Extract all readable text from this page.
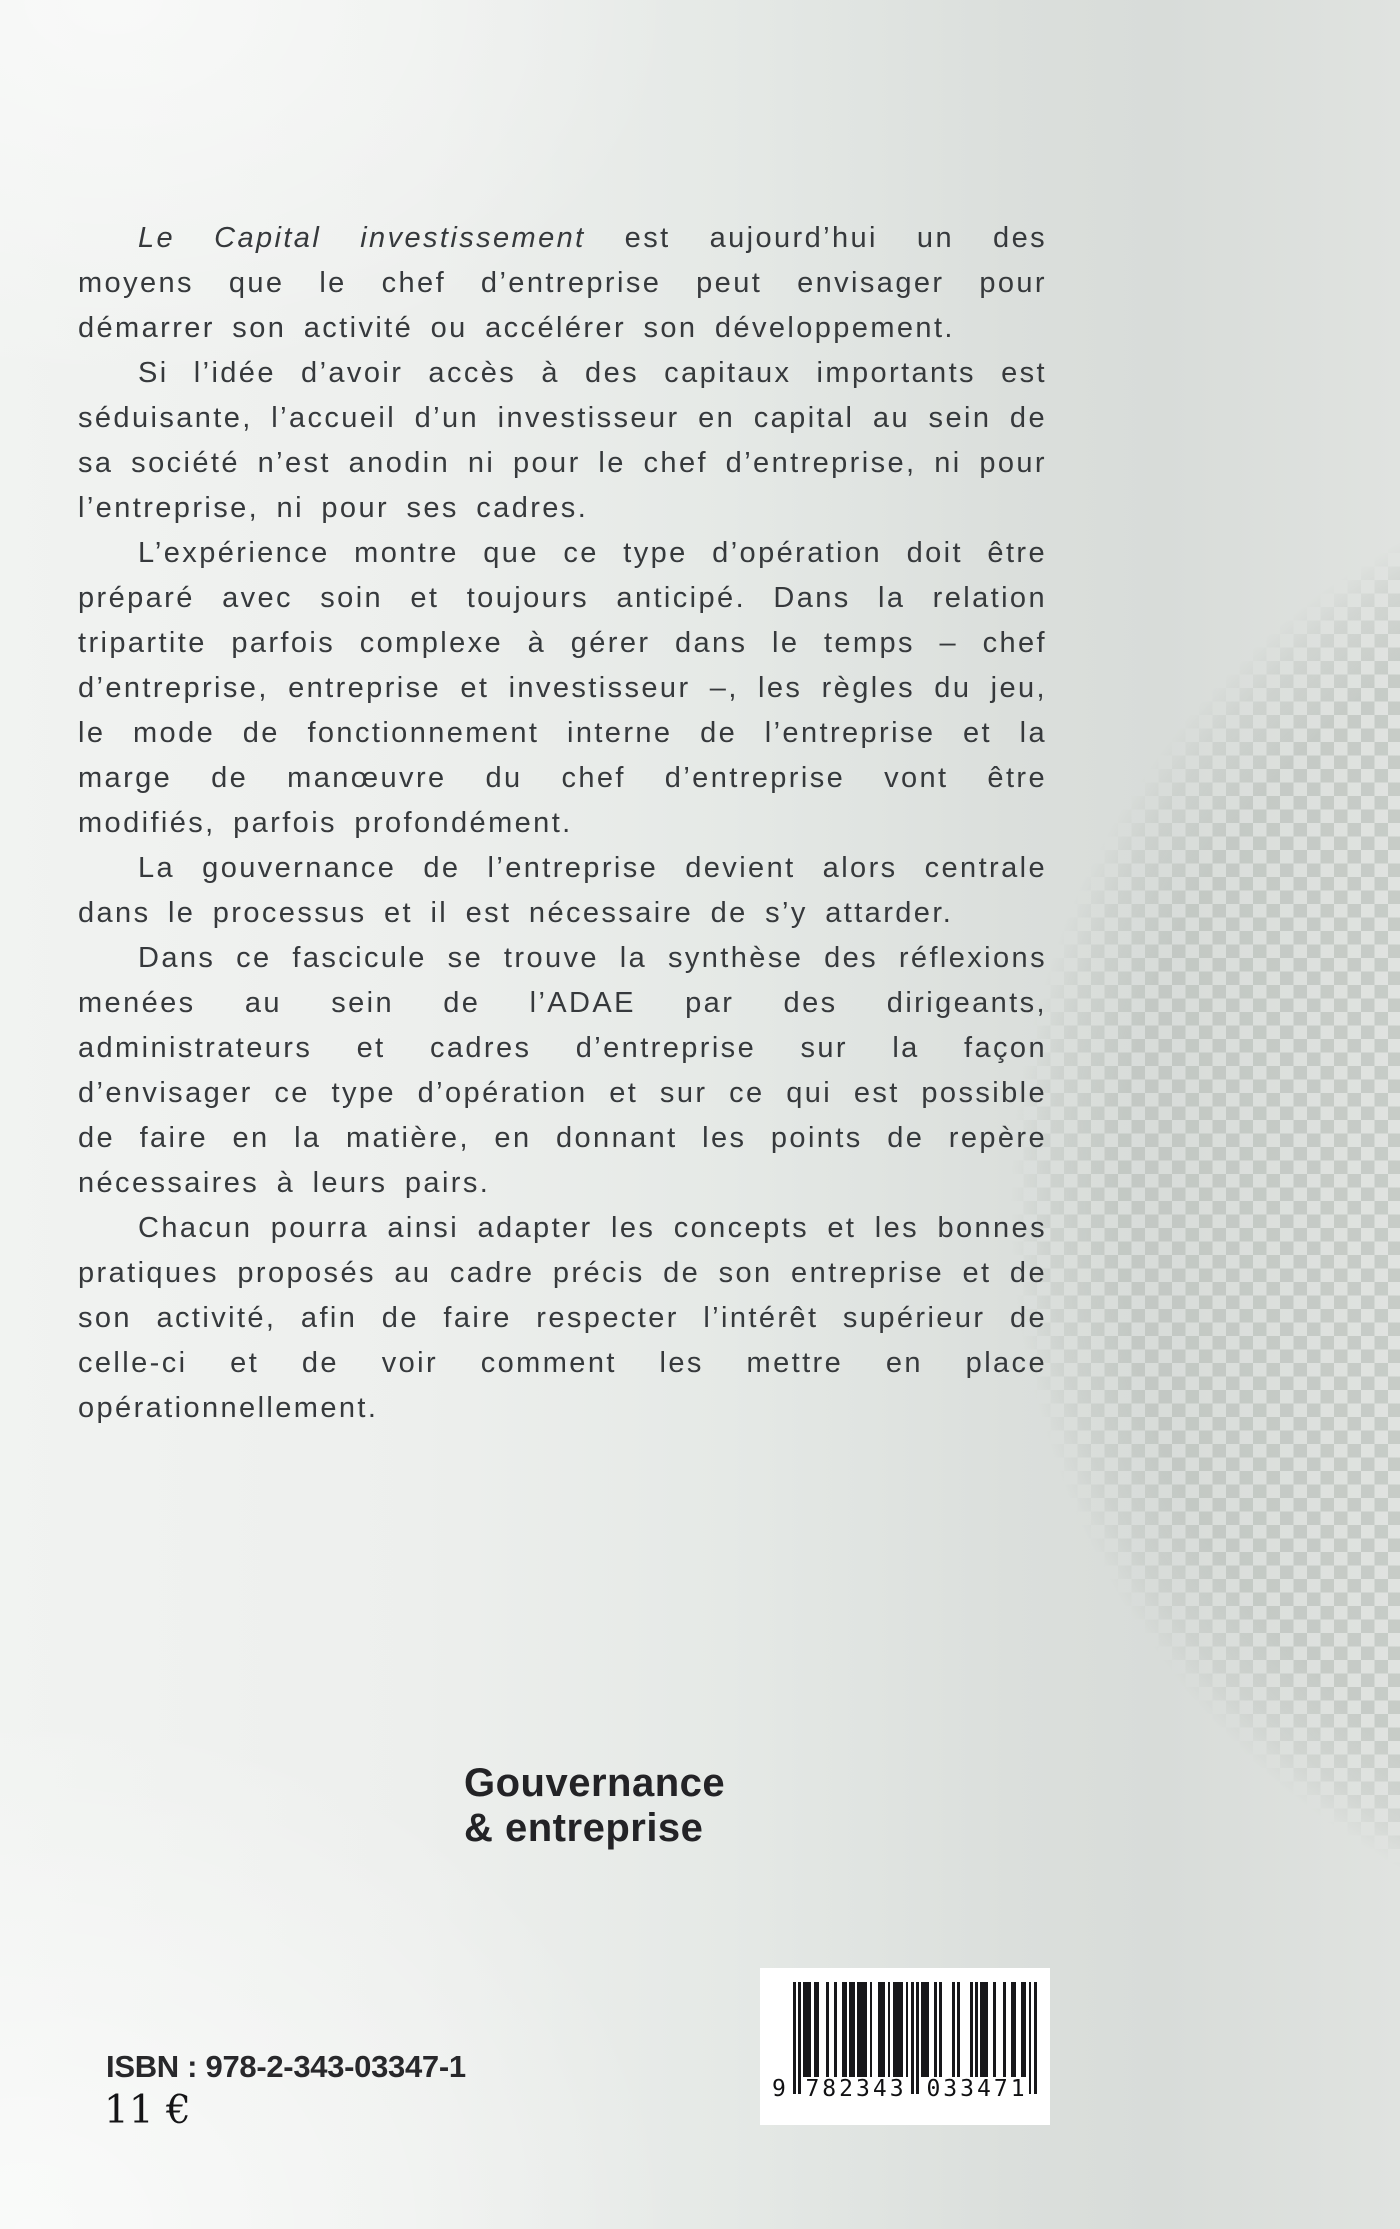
Le Capital investissement est aujourd’hui un des moyens que le chef d’entreprise peut envisager pour démarrer son activité ou accélérer son développement.

Si l’idée d’avoir accès à des capitaux importants est séduisante, l’accueil d’un investisseur en capital au sein de sa société n’est anodin ni pour le chef d’entreprise, ni pour l’entreprise, ni pour ses cadres.

L’expérience montre que ce type d’opération doit être préparé avec soin et toujours anticipé. Dans la relation tripartite parfois complexe à gérer dans le temps – chef d’entreprise, entreprise et investisseur –, les règles du jeu, le mode de fonctionnement interne de l’entreprise et la marge de manœuvre du chef d’entreprise vont être modifiés, parfois profondément.

La gouvernance de l’entreprise devient alors centrale dans le processus et il est nécessaire de s’y attarder.

Dans ce fascicule se trouve la synthèse des réflexions menées au sein de l’ADAE par des dirigeants, administrateurs et cadres d’entreprise sur la façon d’envisager ce type d’opération et sur ce qui est possible de faire en la matière, en donnant les points de repère nécessaires à leurs pairs.

Chacun pourra ainsi adapter les concepts et les bonnes pratiques proposés au cadre précis de son entreprise et de son activité, afin de faire respecter l’intérêt supérieur de celle-ci et de voir comment les mettre en place opérationnellement.

Gouvernance
& entreprise
ISBN : 978-2-343-03347-1
11 €	9 782343 033471
